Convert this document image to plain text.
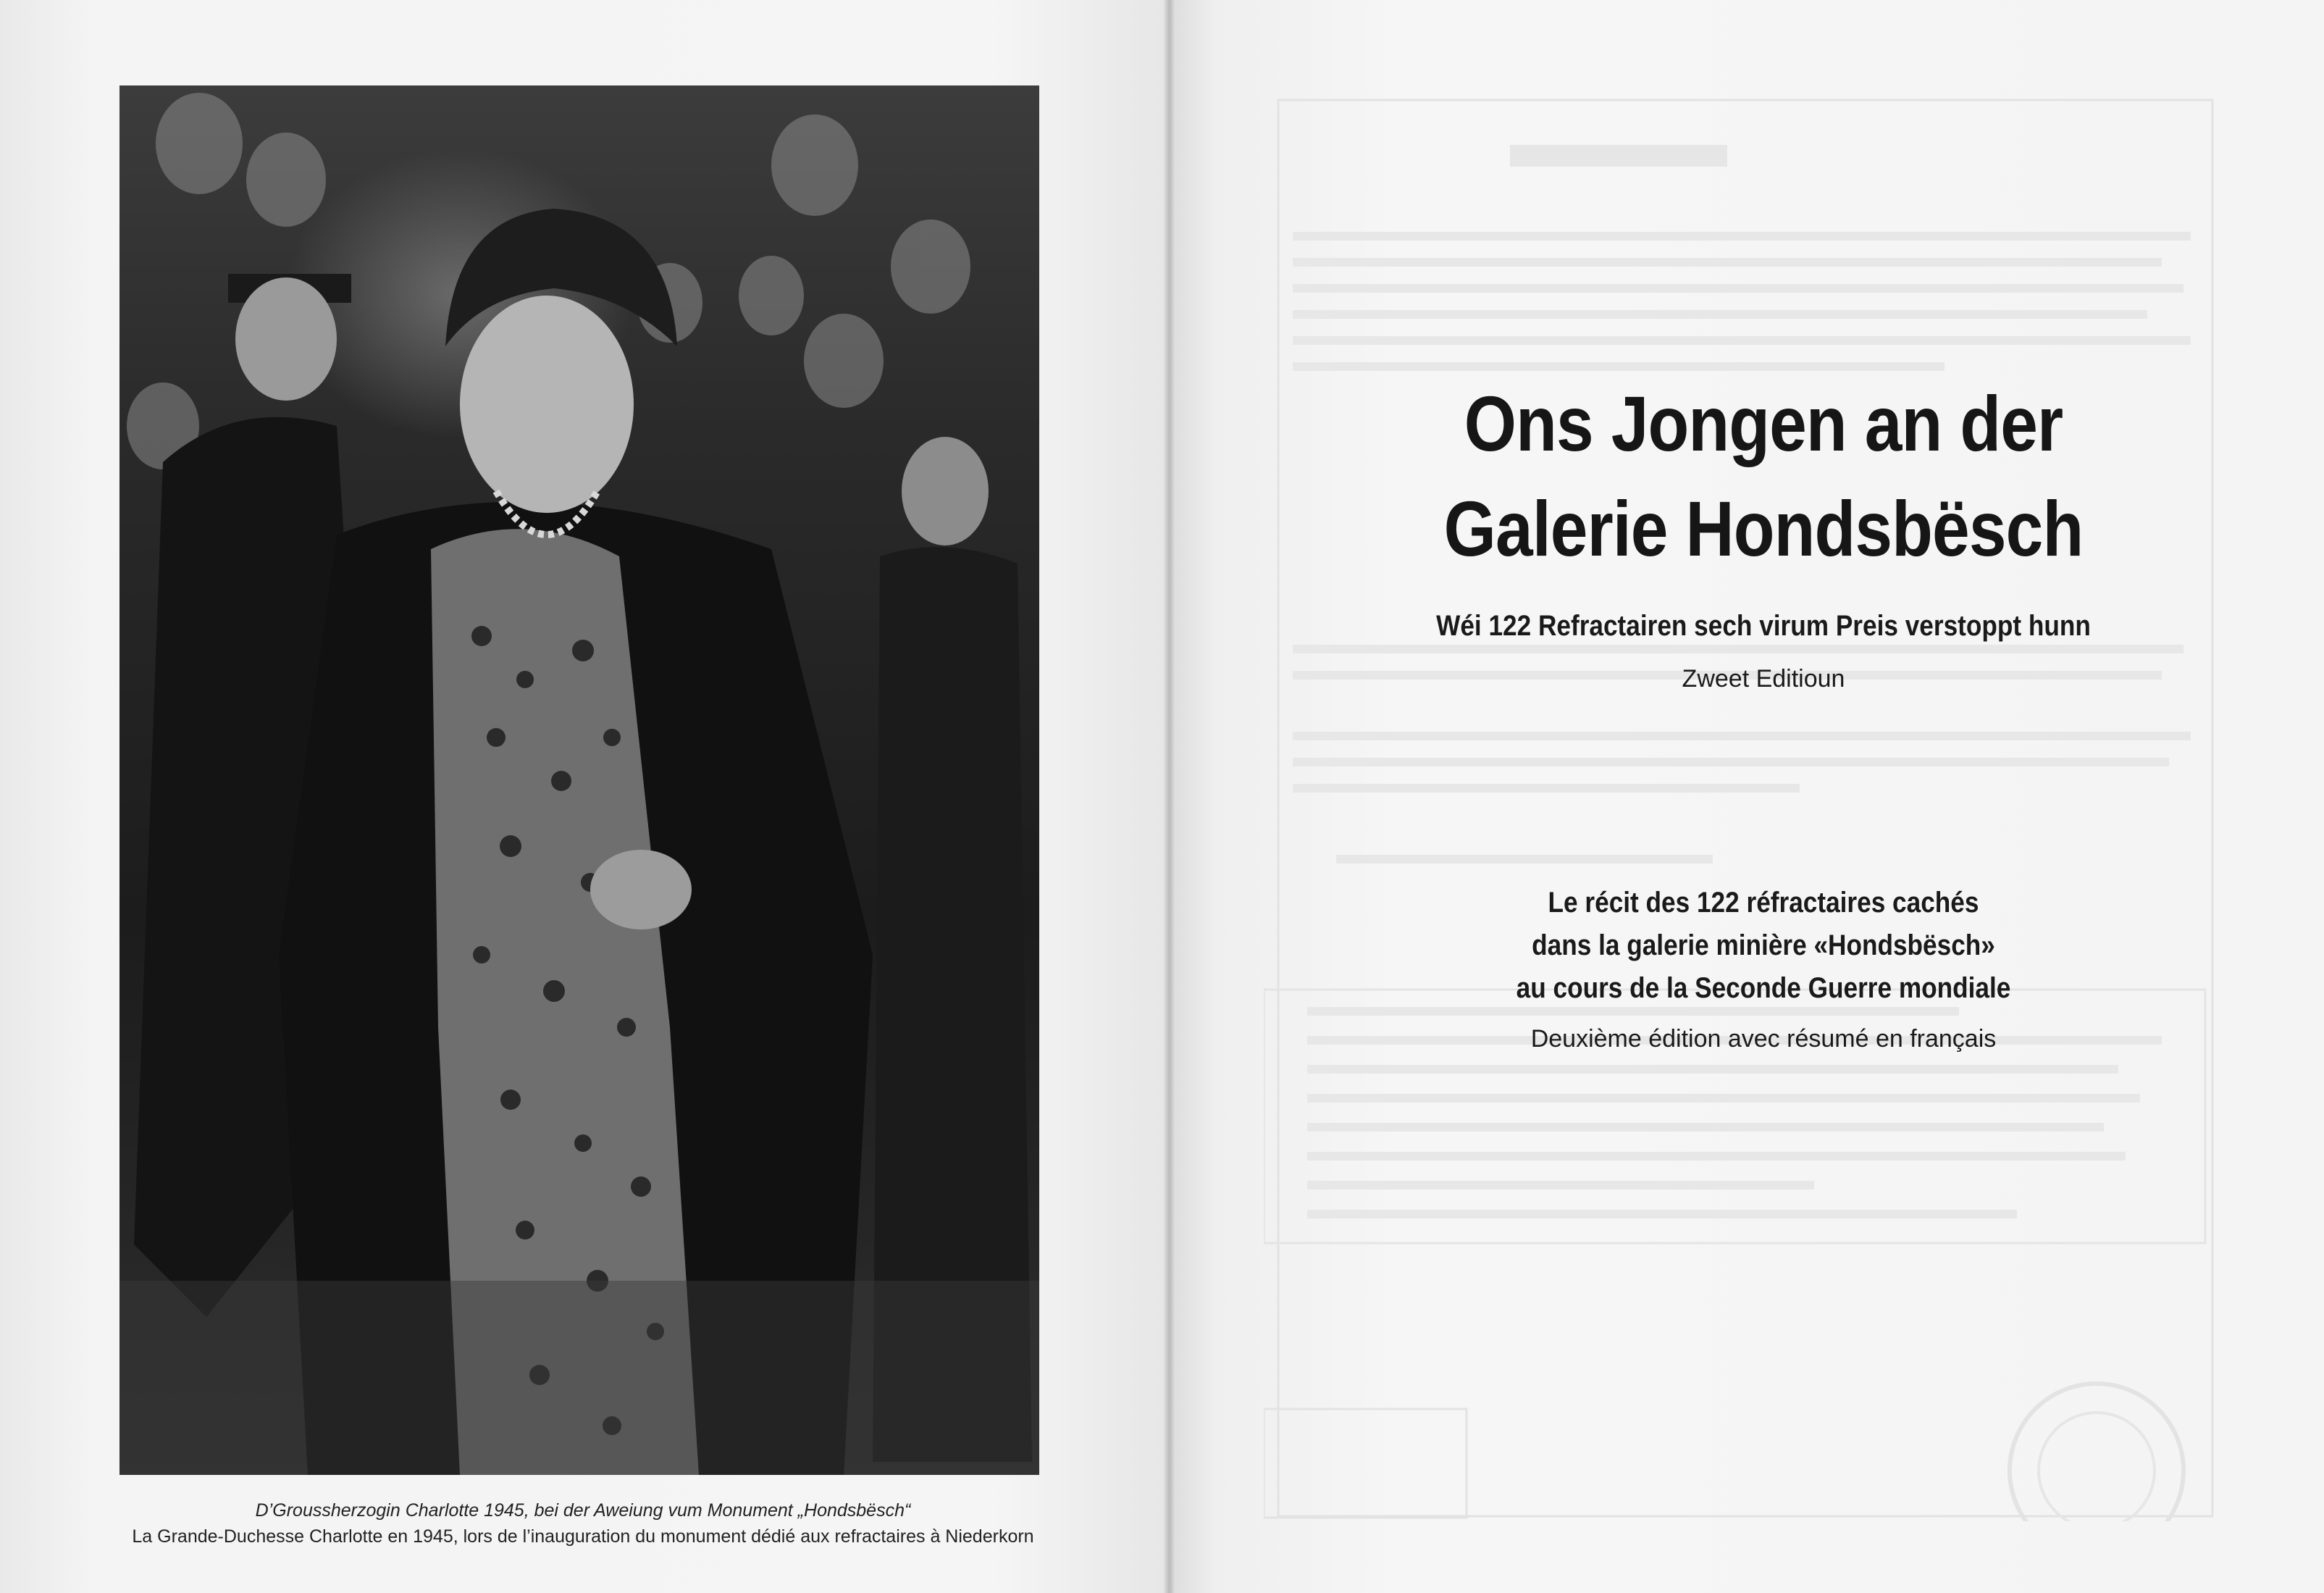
D’Groussherzogin Charlotte 1945, bei der Aweiung vum Monument „Hondsbësch“
La Grande-Duchesse Charlotte en 1945, lors de l’inauguration du monument dédié aux refractaires à Niederkorn
Ons Jongen an der
Galerie Hondsbësch
Wéi 122 Refractairen sech virum Preis verstoppt hunn
Zweet Editioun
Le récit des 122 réfractaires cachés
dans la galerie minière «Hondsbësch»
au cours de la Seconde Guerre mondiale
Deuxième édition avec résumé en français
